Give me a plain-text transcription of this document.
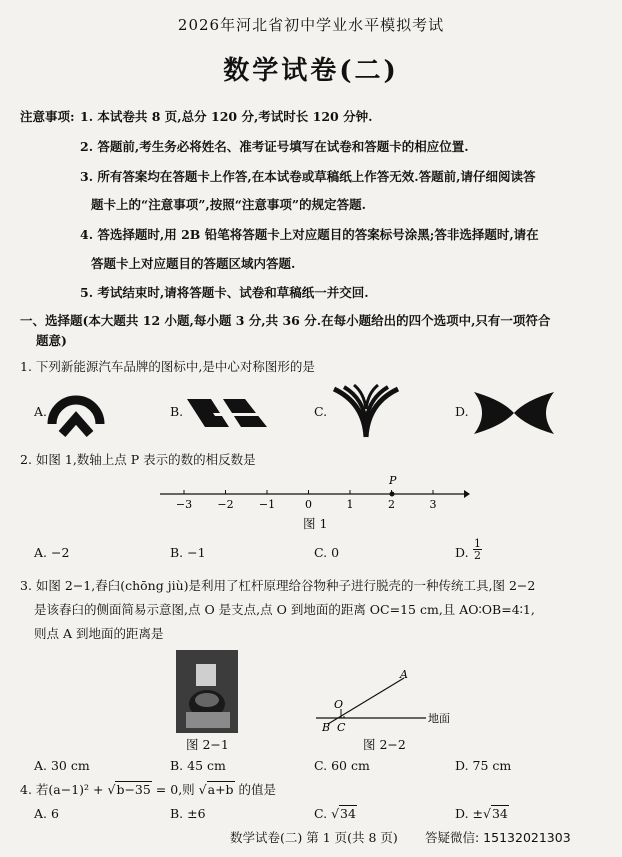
2026年河北省初中学业水平模拟考试
数学试卷(二)
注意事项: 1. 本试卷共 8 页,总分 120 分,考试时长 120 分钟.
2. 答题前,考生务必将姓名、准考证号填写在试卷和答题卡的相应位置.
3. 所有答案均在答题卡上作答,在本试卷或草稿纸上作答无效.答题前,请仔细阅读答
题卡上的“注意事项”,按照“注意事项”的规定答题.
4. 答选择题时,用 2B 铅笔将答题卡上对应题目的答案标号涂黑;答非选择题时,请在
答题卡上对应题目的答题区域内答题.
5. 考试结束时,请将答题卡、试卷和草稿纸一并交回.
一、选择题(本大题共 12 小题,每小题 3 分,共 36 分.在每小题给出的四个选项中,只有一项符合
题意)
1. 下列新能源汽车品牌的图标中,是中心对称图形的是
A.	B.	C.	D.
2. 如图 1,数轴上点 P 表示的数的相反数是
−3 −2 −1	0	1	2	3
P
图 1
A. −2	B. −1	C. 0	D. $\frac{1}{2}$
3. 如图 2−1,舂臼(chōng jiù)是利用了杠杆原理给谷物种子进行脱壳的一种传统工具,图 2−2
是该舂臼的侧面简易示意图,点 O 是支点,点 O 到地面的距离 OC=15 cm,且 AO∶OB=4∶1,
则点 A 到地面的距离是
图 2−1
A
O
B C
地面
图 2−2
A. 30 cm	B. 45 cm	C. 60 cm	D. 75 cm
4. 若(a−1)² + √b−35 = 0,则 √a+b 的值是
A. 6	B. ±6	C. √34	D. ±√34
数学试卷(二) 第 1 页(共 8 页) 答疑微信: 15132021303
